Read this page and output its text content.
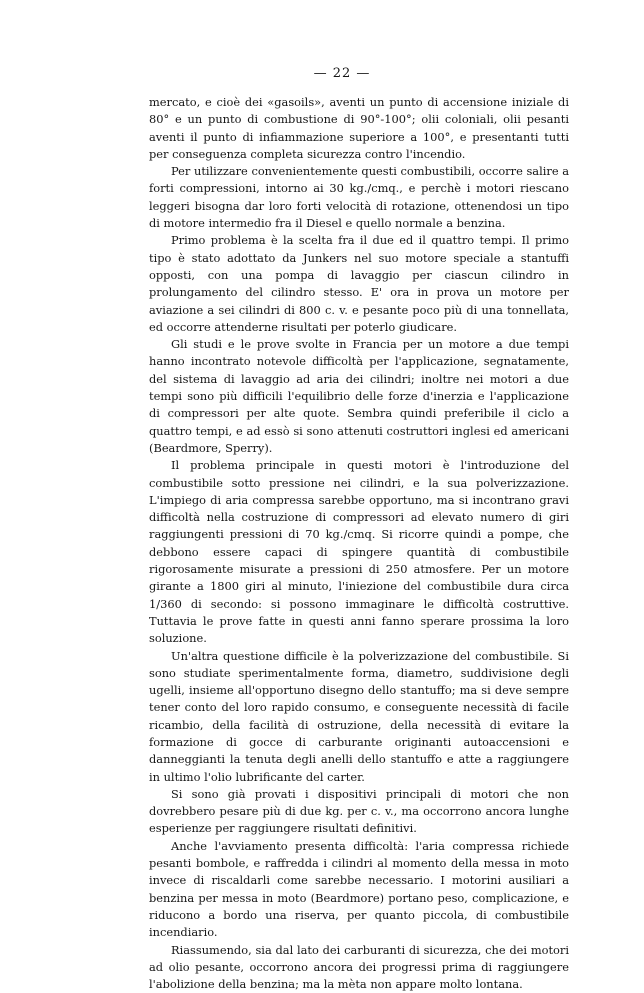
— 22 —

mercato, e cioè dei «gasoils», aventi un punto di accensione iniziale di 80° e un punto di combustione di 90°-100°; olii coloniali, olii pesanti aventi il punto di infiammazione superiore a 100°, e presentanti tutti per conseguenza completa sicurezza contro l'incendio.

Per utilizzare convenientemente questi combustibili, occorre salire a forti compressioni, intorno ai 30 kg./cmq., e perchè i motori riescano leggeri bisogna dar loro forti velocità di rotazione, ottenendosi un tipo di motore intermedio fra il Diesel e quello normale a benzina.

Primo problema è la scelta fra il due ed il quattro tempi. Il primo tipo è stato adottato da Junkers nel suo motore speciale a stantuffi opposti, con una pompa di lavaggio per ciascun cilindro in prolungamento del cilindro stesso. E' ora in prova un motore per aviazione a sei cilindri di 800 c. v. e pesante poco più di una tonnellata, ed occorre attenderne risultati per poterlo giudicare.

Gli studi e le prove svolte in Francia per un motore a due tempi hanno incontrato notevole difficoltà per l'applicazione, segnatamente, del sistema di lavaggio ad aria dei cilindri; inoltre nei motori a due tempi sono più difficili l'equilibrio delle forze d'inerzia e l'applicazione di compressori per alte quote. Sembra quindi preferibile il ciclo a quattro tempi, e ad essò si sono attenuti costruttori inglesi ed americani (Beardmore, Sperry).

Il problema principale in questi motori è l'introduzione del combustibile sotto pressione nei cilindri, e la sua polverizzazione. L'impiego di aria compressa sarebbe opportuno, ma si incontrano gravi difficoltà nella costruzione di compressori ad elevato numero di giri raggiungenti pressioni di 70 kg./cmq. Si ricorre quindi a pompe, che debbono essere capaci di spingere quantità di combustibile rigorosamente misurate a pressioni di 250 atmosfere. Per un motore girante a 1800 giri al minuto, l'iniezione del combustibile dura circa 1/360 di secondo: si possono immaginare le difficoltà costruttive. Tuttavia le prove fatte in questi anni fanno sperare prossima la loro soluzione.

Un'altra questione difficile è la polverizzazione del combustibile. Si sono studiate sperimentalmente forma, diametro, suddivisione degli ugelli, insieme all'opportuno disegno dello stantuffo; ma si deve sempre tener conto del loro rapido consumo, e conseguente necessità di facile ricambio, della facilità di ostruzione, della necessità di evitare la formazione di gocce di carburante originanti autoaccensioni e danneggianti la tenuta degli anelli dello stantuffo e atte a raggiungere in ultimo l'olio lubrificante del carter.

Si sono già provati i dispositivi principali di motori che non dovrebbero pesare più di due kg. per c. v., ma occorrono ancora lunghe esperienze per raggiungere risultati definitivi.

Anche l'avviamento presenta difficoltà: l'aria compressa richiede pesanti bombole, e raffredda i cilindri al momento della messa in moto invece di riscaldarli come sarebbe necessario. I motorini ausiliari a benzina per messa in moto (Beardmore) portano peso, complicazione, e riducono a bordo una riserva, per quanto piccola, di combustibile incendiario.

Riassumendo, sia dal lato dei carburanti di sicurezza, che dei motori ad olio pesante, occorrono ancora dei progressi prima di raggiungere l'abolizione della benzina; ma la mèta non appare molto lontana.
